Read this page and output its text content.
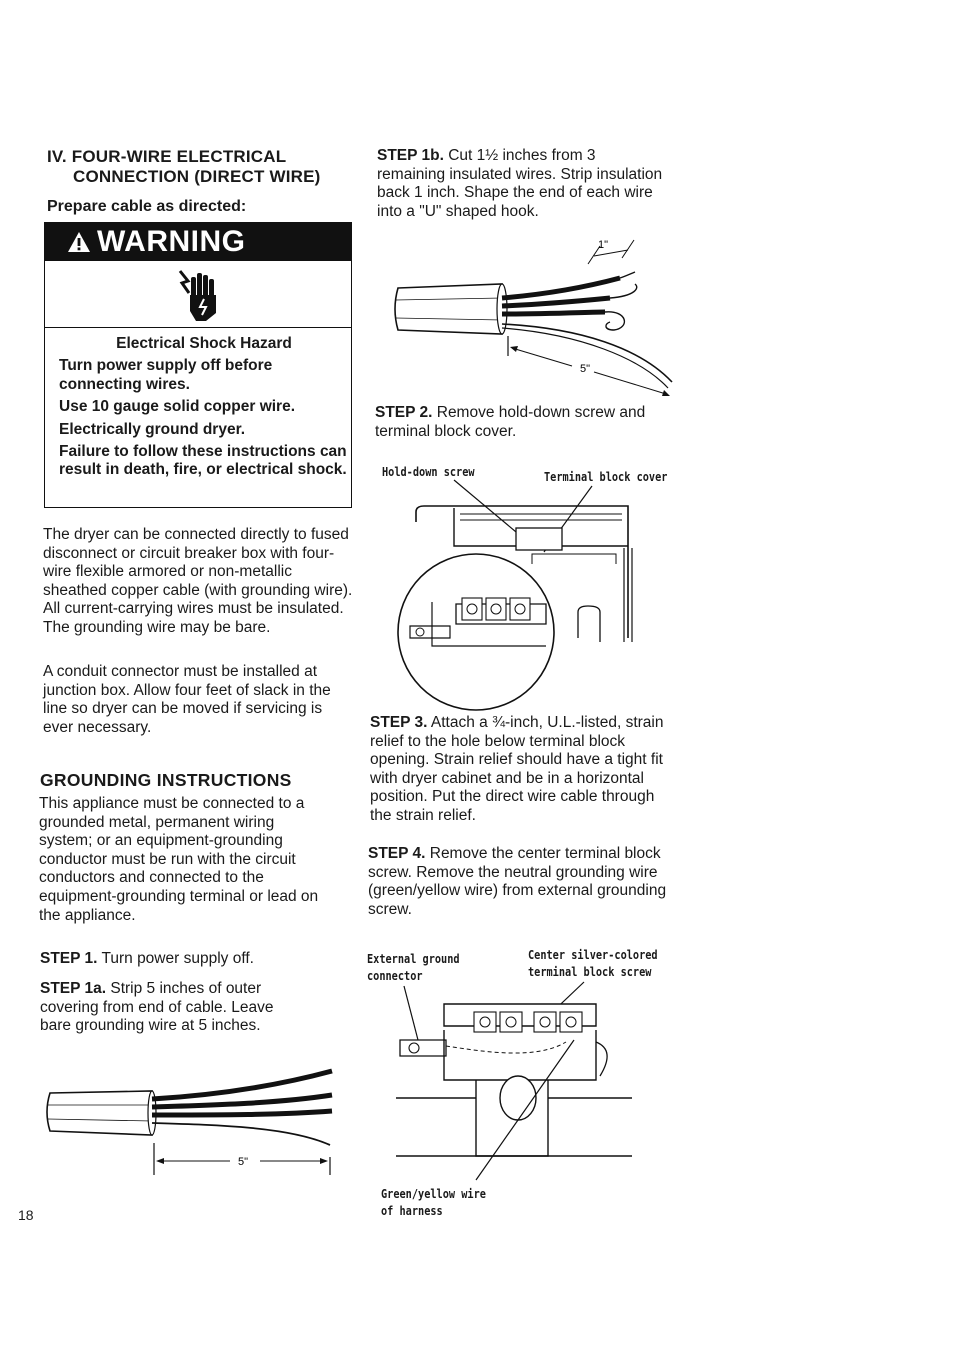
IV. FOUR-WIRE ELECTRICAL
CONNECTION (DIRECT WIRE)
Prepare cable as directed:
WARNING

Electrical Shock Hazard

Turn power supply off before connecting wires.

Use 10 gauge solid copper wire.

Electrically ground dryer.

Failure to follow these instructions can result in death, fire, or electrical shock.

The dryer can be connected directly to fused disconnect or circuit breaker box with four-wire flexible armored or non-metallic sheathed copper cable (with grounding wire). All current-carrying wires must be insulated. The grounding wire may be bare.
A conduit connector must be installed at junction box. Allow four feet of slack in the line so dryer can be moved if servicing is ever necessary.
GROUNDING INSTRUCTIONS
This appliance must be connected to a grounded metal, permanent wiring system; or an equipment-grounding conductor must be run with the circuit conductors and connected to the equipment-grounding terminal or lead on the appliance.
STEP 1. Turn power supply off.
STEP 1a. Strip 5 inches of outer covering from end of cable. Leave bare grounding wire at 5 inches.
5"
18
STEP 1b. Cut 1½ inches from 3 remaining insulated wires. Strip insulation back 1 inch. Shape the end of each wire into a "U" shaped hook.
1"
5"
STEP 2. Remove hold-down screw and terminal block cover.
Hold-down screw	Terminal block cover
STEP 3. Attach a ¾-inch, U.L.-listed, strain relief to the hole below terminal block opening. Strain relief should have a tight fit with dryer cabinet and be in a horizontal position. Put the direct wire cable through the strain relief.
STEP 4. Remove the center terminal block screw. Remove the neutral grounding wire (green/yellow wire) from external grounding screw.
External ground
connector
Center silver-colored
terminal block screw
Green/yellow wire
of harness
